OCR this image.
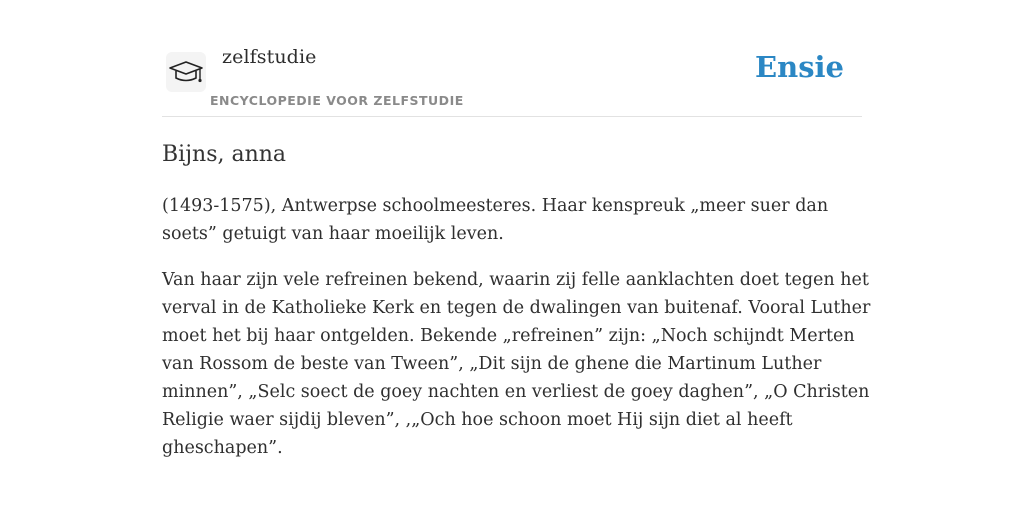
zelfstudie
ENCYCLOPEDIE VOOR ZELFSTUDIE
Ensie
Bijns, anna

(1493-1575), Antwerpse schoolmeesteres. Haar kenspreuk „meer suer dan soets” getuigt van haar moeilijk leven.

Van haar zijn vele refreinen bekend, waarin zij felle aanklachten doet tegen het verval in de Katholieke Kerk en tegen de dwalingen van buitenaf. Vooral Luther moet het bij haar ontgelden. Bekende „refreinen” zijn: „Noch schijndt Merten van Rossom de beste van Tween”, „Dit sijn de ghene die Martinum Luther minnen”, „Selc soect de goey nachten en verliest de goey daghen”, „O Christen Religie waer sijdij bleven”, ,„Och hoe schoon moet Hij sijn diet al heeft gheschapen”.
